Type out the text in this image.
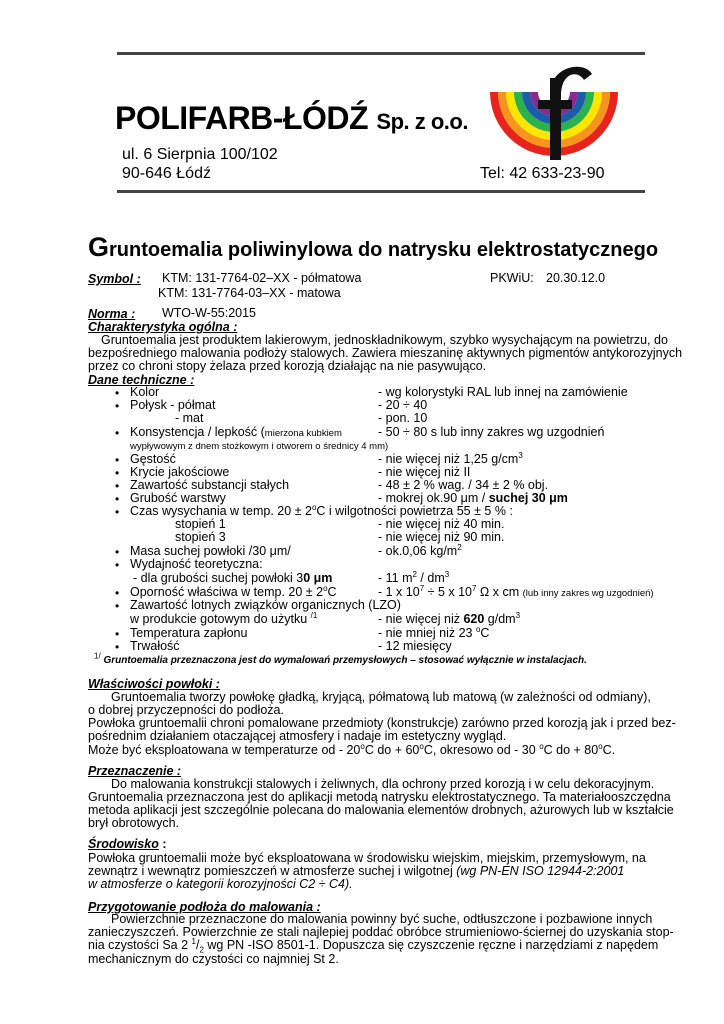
POLIFARB-ŁÓDŹ Sp. z o.o.
ul. 6 Sierpnia 100/102
90-646 Łódź	Tel: 42 633-23-90
Gruntoemalia poliwinylowa do natrysku elektrostatycznego
Symbol : KTM: 131-7764-02–XX - półmatowa	PKWiU: 20.30.12.0
KTM: 131-7764-03–XX - matowa
Norma : WTO-W-55:2015
Charakterystyka ogólna :
Gruntoemalia jest produktem lakierowym, jednoskładnikowym, szybko wysychającym na powietrzu, do
bezpośredniego malowania podłoży stalowych. Zawiera mieszaninę aktywnych pigmentów antykorozyjnych
przez co chroni stopy żelaza przed korozją działając na nie pasywująco.
Dane techniczne :
• Kolor	- wg kolorystyki RAL lub innej na zamówienie
• Połysk - półmat	- 20 ÷ 40
- mat	- pon. 10
• Konsystencja / lepkość (mierzona kubkiem	- 50 ÷ 80 s lub inny zakres wg uzgodnień
wypływowym z dnem stożkowym i otworem o średnicy 4 mm)
• Gęstość	- nie więcej niż 1,25 $g/cm^3$
• Krycie jakościowe	- nie więcej niż II
• Zawartość substancji stałych	- 48 ± 2 % wag. / 34 ± 2 % obj.
• Grubość warstwy	- mokrej ok.90 μm / suchej 30 μm
• Czas wysychania w temp. $20 \pm 2^oC$ i wilgotności powietrza 55 ± 5 % :
stopień 1	- nie więcej niż 40 min.
stopień 3	- nie więcej niż 90 min.
• Masa suchej powłoki /30 μm/	- ok.0,06 $kg/m^2$
• Wydajność teoretyczna:
- dla grubości suchej powłoki 30 μm	- 11 $m^2 / dm^3$
• Oporność właściwa w temp. $20 \pm 2^oC$	- 1 x $10^7 \div 5$ x $10^7$ Ω x cm (lub inny zakres wg uzgodnień)
• Zawartość lotnych związków organicznych (LZO)
w produkcie gotowym do użytku $^{/1}$	- nie więcej niż 620 $g/dm^3$
• Temperatura zapłonu	- nie mniej niż 23 $^o$C
• Trwałość	- 12 miesięcy
$^{1/}$ Gruntoemalia przeznaczona jest do wymalowań przemysłowych – stosować wyłącznie w instalacjach.
Właściwości powłoki :
Gruntoemalia tworzy powłokę gładką, kryjącą, półmatową lub matową (w zależności od odmiany),
o dobrej przyczepności do podłoża.
Powłoka gruntoemalii chroni pomalowane przedmioty (konstrukcje) zarówno przed korozją jak i przed bez-
pośrednim działaniem otaczającej atmosfery i nadaje im estetyczny wygląd.
Może być eksploatowana w temperaturze od - 20$^o$C do + $60^oC$, okresowo od - 30 $^o$C do + $80^oC$.
Przeznaczenie :
Do malowania konstrukcji stalowych i żeliwnych, dla ochrony przed korozją i w celu dekoracyjnym.
Gruntoemalia przeznaczona jest do aplikacji metodą natrysku elektrostatycznego. Ta materiałooszczędna
metoda aplikacji jest szczególnie polecana do malowania elementów drobnych, ażurowych lub w kształcie
brył obrotowych.
Środowisko :
Powłoka gruntoemalii może być eksploatowana w środowisku wiejskim, miejskim, przemysłowym, na
zewnątrz i wewnątrz pomieszczeń w atmosferze suchej i wilgotnej (wg PN-EN ISO 12944-2:2001
w atmosferze o kategorii korozyjności C2 ÷ C4).
Przygotowanie podłoża do malowania :
Powierzchnie przeznaczone do malowania powinny być suche, odtłuszczone i pozbawione innych
zanieczyszczeń. Powierzchnie ze stali najlepiej poddać obróbce strumieniowo-ściernej do uzyskania stop-
nia czystości Sa 2 $^1/_2$ wg PN -ISO 8501-1. Dopuszcza się czyszczenie ręczne i narzędziami z napędem
mechanicznym do czystości co najmniej St 2.
